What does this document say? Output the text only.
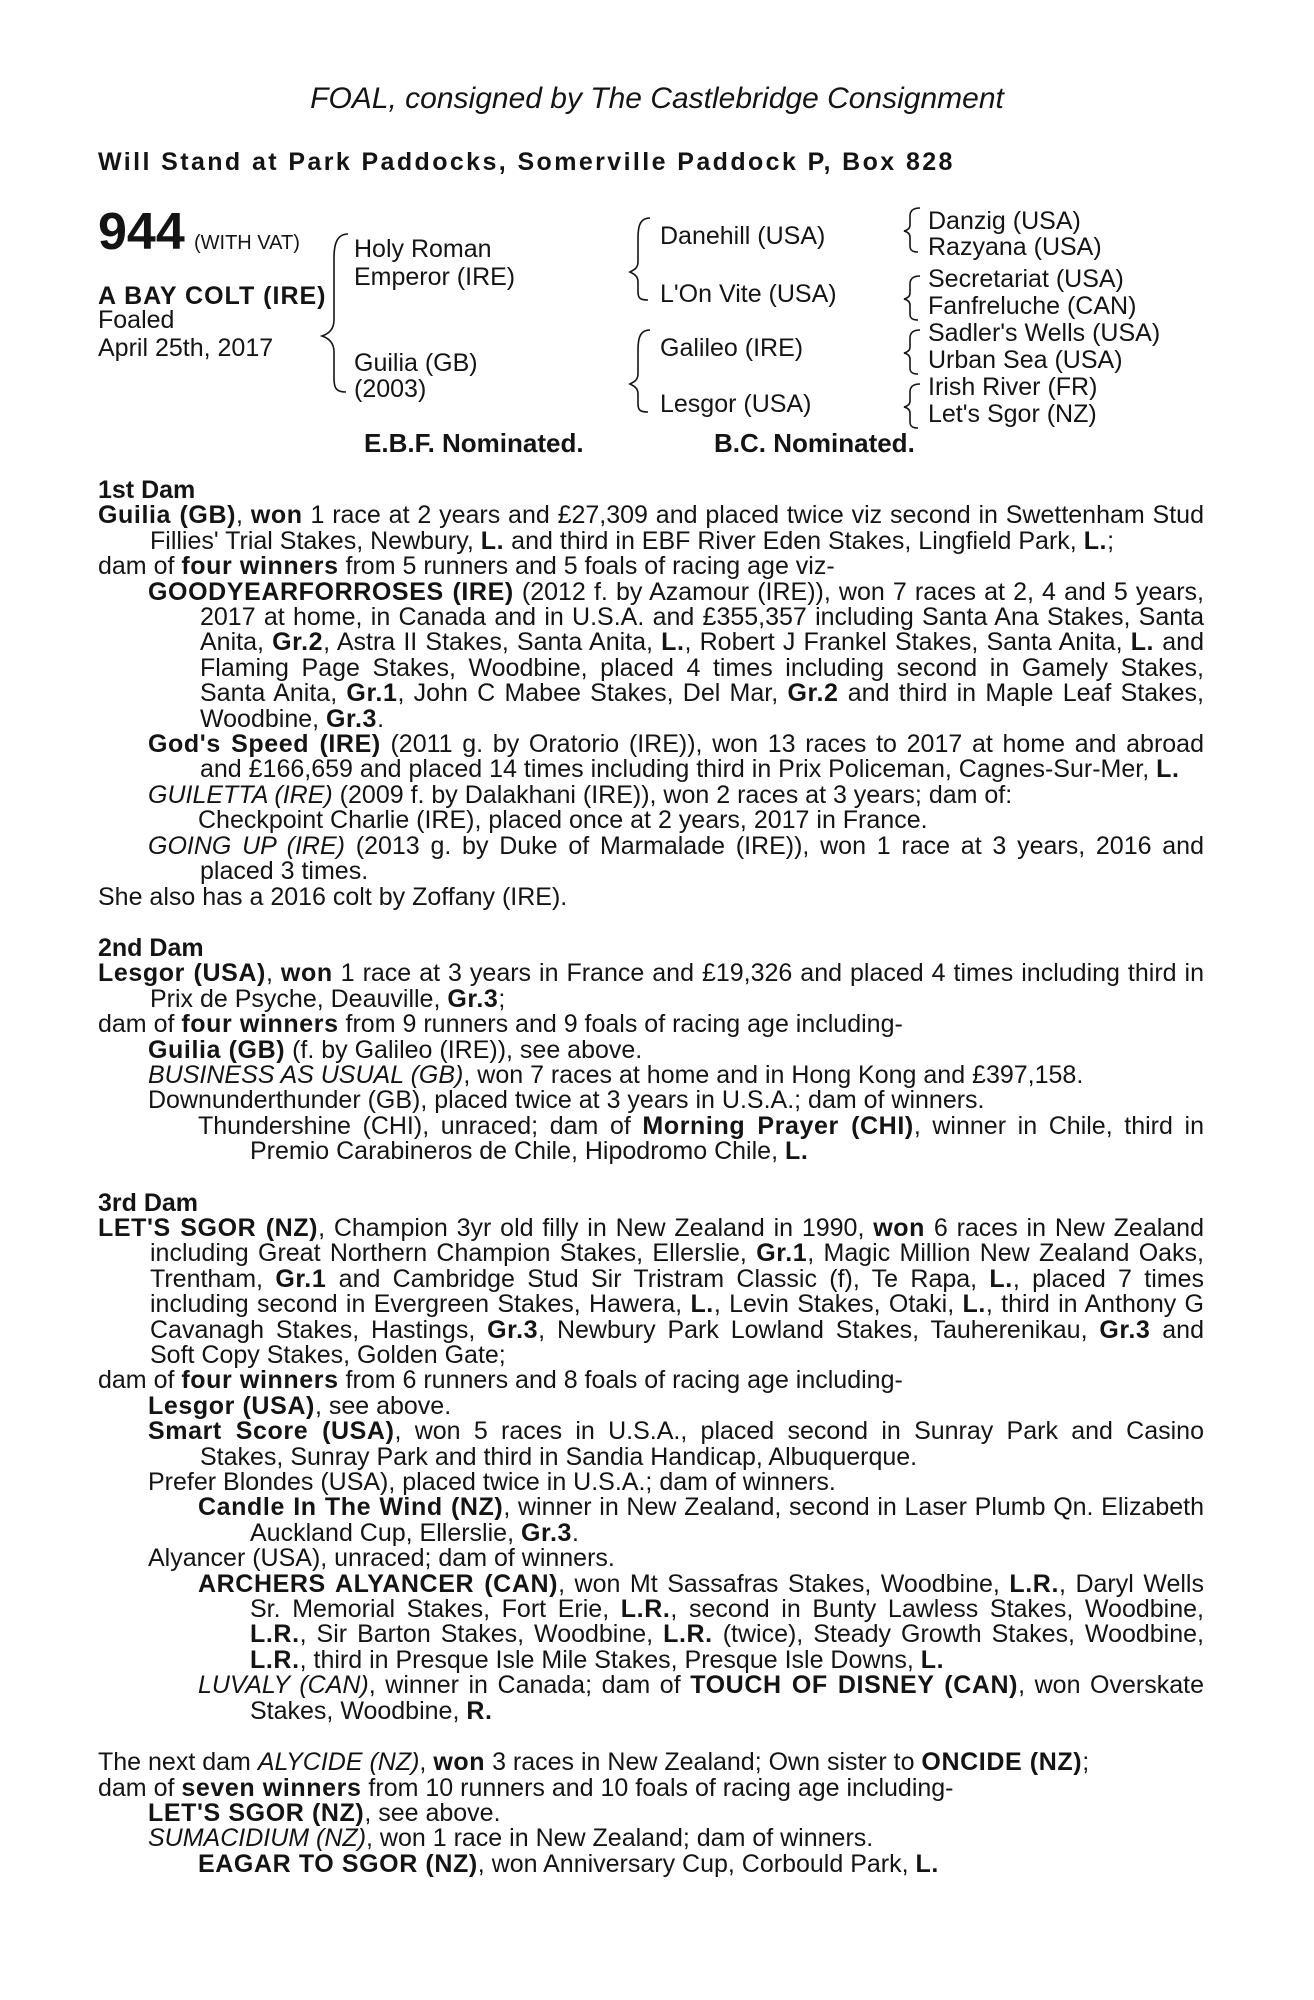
FOAL, consigned by The Castlebridge Consignment
Will Stand at Park Paddocks, Somerville Paddock P, Box 828
944 (WITH VAT)
A BAY COLT (IRE)
Foaled
April 25th, 2017
Holy Roman
Emperor (IRE)
Guilia (GB)
(2003)
Danehill (USA)
L'On Vite (USA)
Galileo (IRE)
Lesgor (USA)
Danzig (USA)
Razyana (USA)
Secretariat (USA)
Fanfreluche (CAN)
Sadler's Wells (USA)
Urban Sea (USA)
Irish River (FR)
Let's Sgor (NZ)
E.B.F. Nominated.	B.C. Nominated.

1st Dam

Guilia (GB), won 1 race at 2 years and £27,309 and placed twice viz second in Swettenham Stud Fillies' Trial Stakes, Newbury, L. and third in EBF River Eden Stakes, Lingfield Park, L.;

dam of four winners from 5 runners and 5 foals of racing age viz-

GOODYEARFORROSES (IRE) (2012 f. by Azamour (IRE)), won 7 races at 2, 4 and 5 years, 2017 at home, in Canada and in U.S.A. and £355,357 including Santa Ana Stakes, Santa Anita, Gr.2, Astra II Stakes, Santa Anita, L., Robert J Frankel Stakes, Santa Anita, L. and Flaming Page Stakes, Woodbine, placed 4 times including second in Gamely Stakes, Santa Anita, Gr.1, John C Mabee Stakes, Del Mar, Gr.2 and third in Maple Leaf Stakes, Woodbine, Gr.3.

God's Speed (IRE) (2011 g. by Oratorio (IRE)), won 13 races to 2017 at home and abroad and £166,659 and placed 14 times including third in Prix Policeman, Cagnes-Sur-Mer, L.

GUILETTA (IRE) (2009 f. by Dalakhani (IRE)), won 2 races at 3 years; dam of:

Checkpoint Charlie (IRE), placed once at 2 years, 2017 in France.

GOING UP (IRE) (2013 g. by Duke of Marmalade (IRE)), won 1 race at 3 years, 2016 and placed 3 times.

She also has a 2016 colt by Zoffany (IRE).

2nd Dam

Lesgor (USA), won 1 race at 3 years in France and £19,326 and placed 4 times including third in Prix de Psyche, Deauville, Gr.3;

dam of four winners from 9 runners and 9 foals of racing age including-

Guilia (GB) (f. by Galileo (IRE)), see above.

BUSINESS AS USUAL (GB), won 7 races at home and in Hong Kong and £397,158.

Downunderthunder (GB), placed twice at 3 years in U.S.A.; dam of winners.

Thundershine (CHI), unraced; dam of Morning Prayer (CHI), winner in Chile, third in Premio Carabineros de Chile, Hipodromo Chile, L.

3rd Dam

LET'S SGOR (NZ), Champion 3yr old filly in New Zealand in 1990, won 6 races in New Zealand including Great Northern Champion Stakes, Ellerslie, Gr.1, Magic Million New Zealand Oaks, Trentham, Gr.1 and Cambridge Stud Sir Tristram Classic (f), Te Rapa, L., placed 7 times including second in Evergreen Stakes, Hawera, L., Levin Stakes, Otaki, L., third in Anthony G Cavanagh Stakes, Hastings, Gr.3, Newbury Park Lowland Stakes, Tauherenikau, Gr.3 and Soft Copy Stakes, Golden Gate;

dam of four winners from 6 runners and 8 foals of racing age including-

Lesgor (USA), see above.

Smart Score (USA), won 5 races in U.S.A., placed second in Sunray Park and Casino Stakes, Sunray Park and third in Sandia Handicap, Albuquerque.

Prefer Blondes (USA), placed twice in U.S.A.; dam of winners.

Candle In The Wind (NZ), winner in New Zealand, second in Laser Plumb Qn. Elizabeth Auckland Cup, Ellerslie, Gr.3.

Alyancer (USA), unraced; dam of winners.

ARCHERS ALYANCER (CAN), won Mt Sassafras Stakes, Woodbine, L.R., Daryl Wells Sr. Memorial Stakes, Fort Erie, L.R., second in Bunty Lawless Stakes, Woodbine, L.R., Sir Barton Stakes, Woodbine, L.R. (twice), Steady Growth Stakes, Woodbine, L.R., third in Presque Isle Mile Stakes, Presque Isle Downs, L.

LUVALY (CAN), winner in Canada; dam of TOUCH OF DISNEY (CAN), won Overskate Stakes, Woodbine, R.

The next dam ALYCIDE (NZ), won 3 races in New Zealand; Own sister to ONCIDE (NZ);

dam of seven winners from 10 runners and 10 foals of racing age including-

LET'S SGOR (NZ), see above.

SUMACIDIUM (NZ), won 1 race in New Zealand; dam of winners.

EAGAR TO SGOR (NZ), won Anniversary Cup, Corbould Park, L.
